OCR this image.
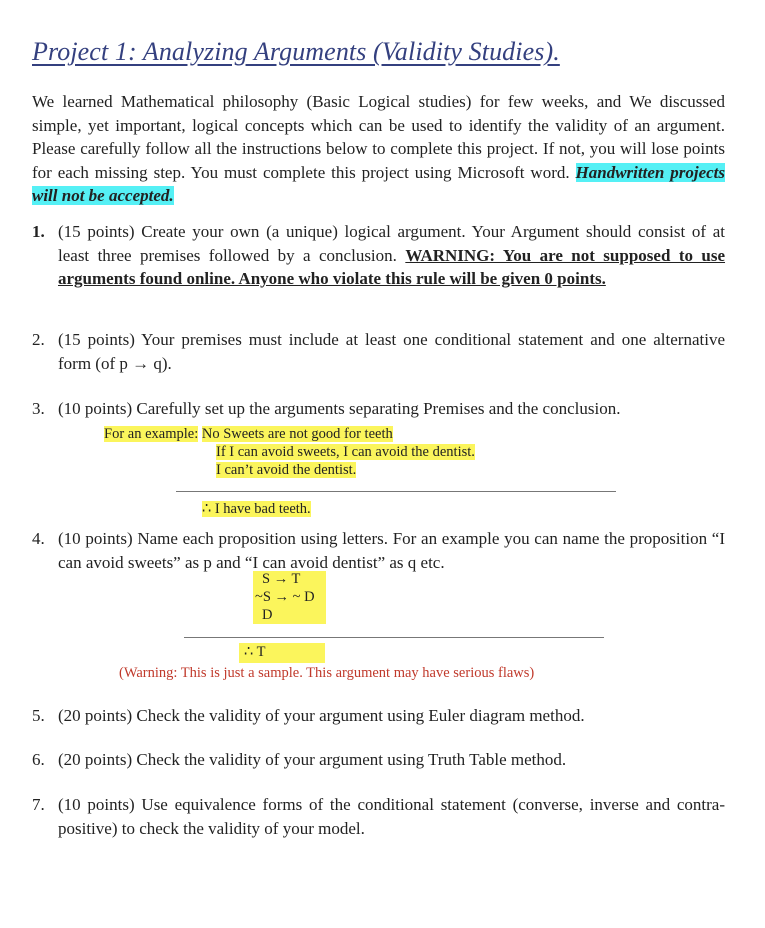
Project 1: Analyzing Arguments (Validity Studies).
We learned Mathematical philosophy (Basic Logical studies) for few weeks, and We discussed simple, yet important, logical concepts which can be used to identify the validity of an argument. Please carefully follow all the instructions below to complete this project. If not, you will lose points for each missing step. You must complete this project using Microsoft word. Handwritten projects will not be accepted.
1. (15 points) Create your own (a unique) logical argument. Your Argument should consist of at least three premises followed by a conclusion. WARNING: You are not supposed to use arguments found online. Anyone who violate this rule will be given 0 points.
2. (15 points) Your premises must include at least one conditional statement and one alternative form (of p → q).
3. (10 points) Carefully set up the arguments separating Premises and the conclusion.
For an example: No Sweets are not good for teeth
If I can avoid sweets, I can avoid the dentist.
I can’t avoid the dentist.
∴ I have bad teeth.
4. (10 points) Name each proposition using letters. For an example you can name the proposition “I can avoid sweets” as p and “I can avoid dentist” as q etc.
S → T
~S → ~ D
D
∴ T
(Warning: This is just a sample. This argument may have serious flaws)
5. (20 points) Check the validity of your argument using Euler diagram method.
6. (20 points) Check the validity of your argument using Truth Table method.
7. (10 points) Use equivalence forms of the conditional statement (converse, inverse and contra-positive) to check the validity of your model.
